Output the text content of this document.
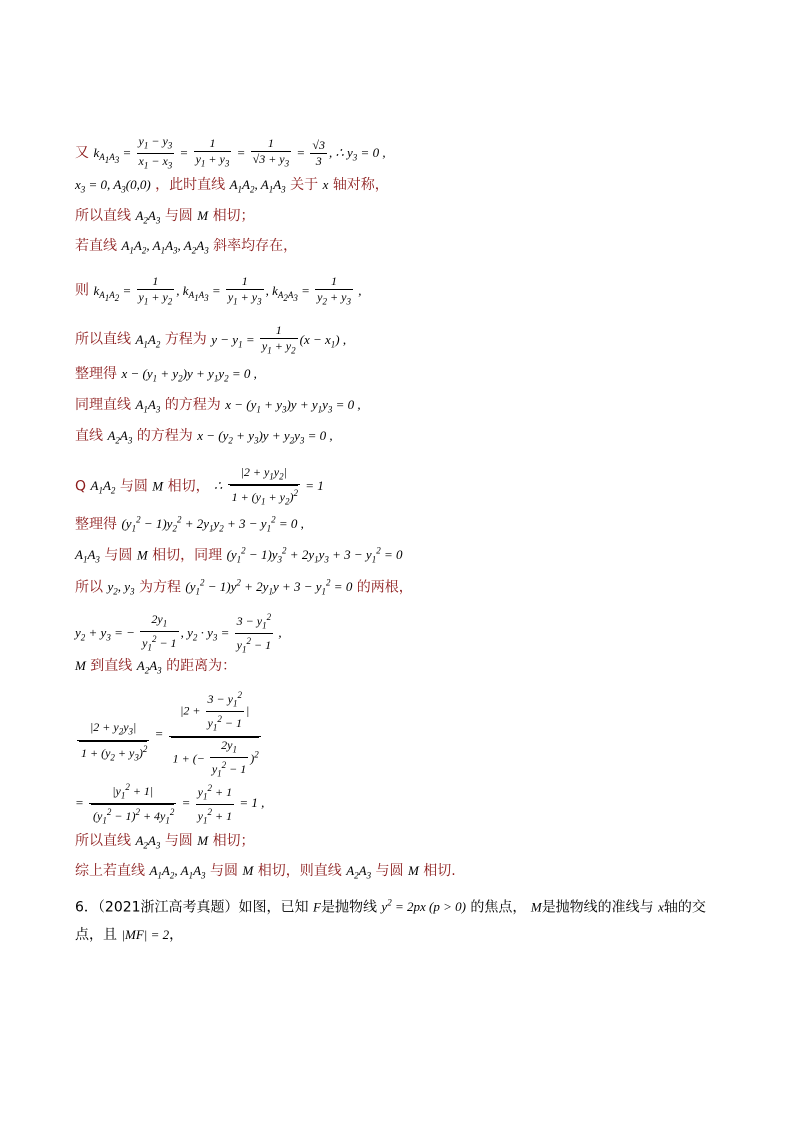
又 $k_{A_1A_3} = \frac{y_1 - y_3}{x_1 - x_3} = \frac{1}{y_1 + y_3} = \frac{1}{√3 + y_3} = \frac{√3}{3}$ , ∴ $y_3 = 0$ ,
$x_3 = 0$, $A_3(0,0)$ ，此时直线 $A_1A_2$, $A_1A_3$ 关于 x 轴对称，
所以直线 $A_2A_3$ 与圆 M 相切；
若直线 $A_1A_2$, $A_1A_3$, $A_2A_3$ 斜率均存在，
则 $k_{A_1A_2} = \frac{1}{y_1 + y_2}$ , $k_{A_1A_3} = \frac{1}{y_1 + y_3}$ , $k_{A_2A_3} = \frac{1}{y_2 + y_3}$ ,
所以直线 $A_1A_2$ 方程为 $y - y_1 = \frac{1}{y_1 + y_2} (x - x_1)$ ,
整理得 $x - (y_1 + y_2)y + y_1y_2 = 0$ ,
同理直线 $A_1A_3$ 的方程为 $x - (y_1 + y_3)y + y_1y_3 = 0$ ,
直线 $A_2A_3$ 的方程为 $x - (y_2 + y_3)y + y_2y_3 = 0$ ,
Q $A_1A_2$ 与圆 M 相切， ∴ $\frac{|2 + y_1y_2|}{1 + (y_1 + y_2)^2} = 1$
整理得 $(y_1^2 - 1)y_2^2 + 2y_1y_2 + 3 - y_1^2 = 0$ ,
$A_1A_3$ 与圆 M 相切，同理 $(y_1^2 - 1)y_3^2 + 2y_1y_3 + 3 - y_1^2 = 0$
所以 $y_2$, $y_3$ 为方程 $(y_1^2 - 1)y^2 + 2y_1y + 3 - y_1^2 = 0$ 的两根，
$y_2 + y_3$ = − $\frac{2y_1}{y_1^2 - 1}$ , $y_2 \cdot y_3 = \frac{3 - y_1^2}{y_1^2 - 1}$ ,
M 到直线 $A_2A_3$ 的距离为：
$\frac{|2 + y_2y_3|}{1 + (y_2 + y_3)^2} = \frac{|2 + \frac{3 - y_1^2}{y_1^2 - 1} |}{1 + (- \frac{2y_1}{y_1^2 - 1} )^2}$
= $\frac{|y_1^2 + 1|}{(y_1^2 - 1)^2 + 4y_1^2} = \frac{y_1^2 + 1}{y_1^2 + 1} = 1$ ,
所以直线 $A_2A_3$ 与圆 M 相切；
综上若直线 $A_1A_2$, $A_1A_3$ 与圆 M 相切，则直线 $A_2A_3$ 与圆 M 相切.
6．（2021浙江高考真题）如图，已知 F是抛物线 $y^2 = 2px$ (p > 0) 的焦点， M是抛物线的准线与 x轴的交
点，且 |MF| = 2，
